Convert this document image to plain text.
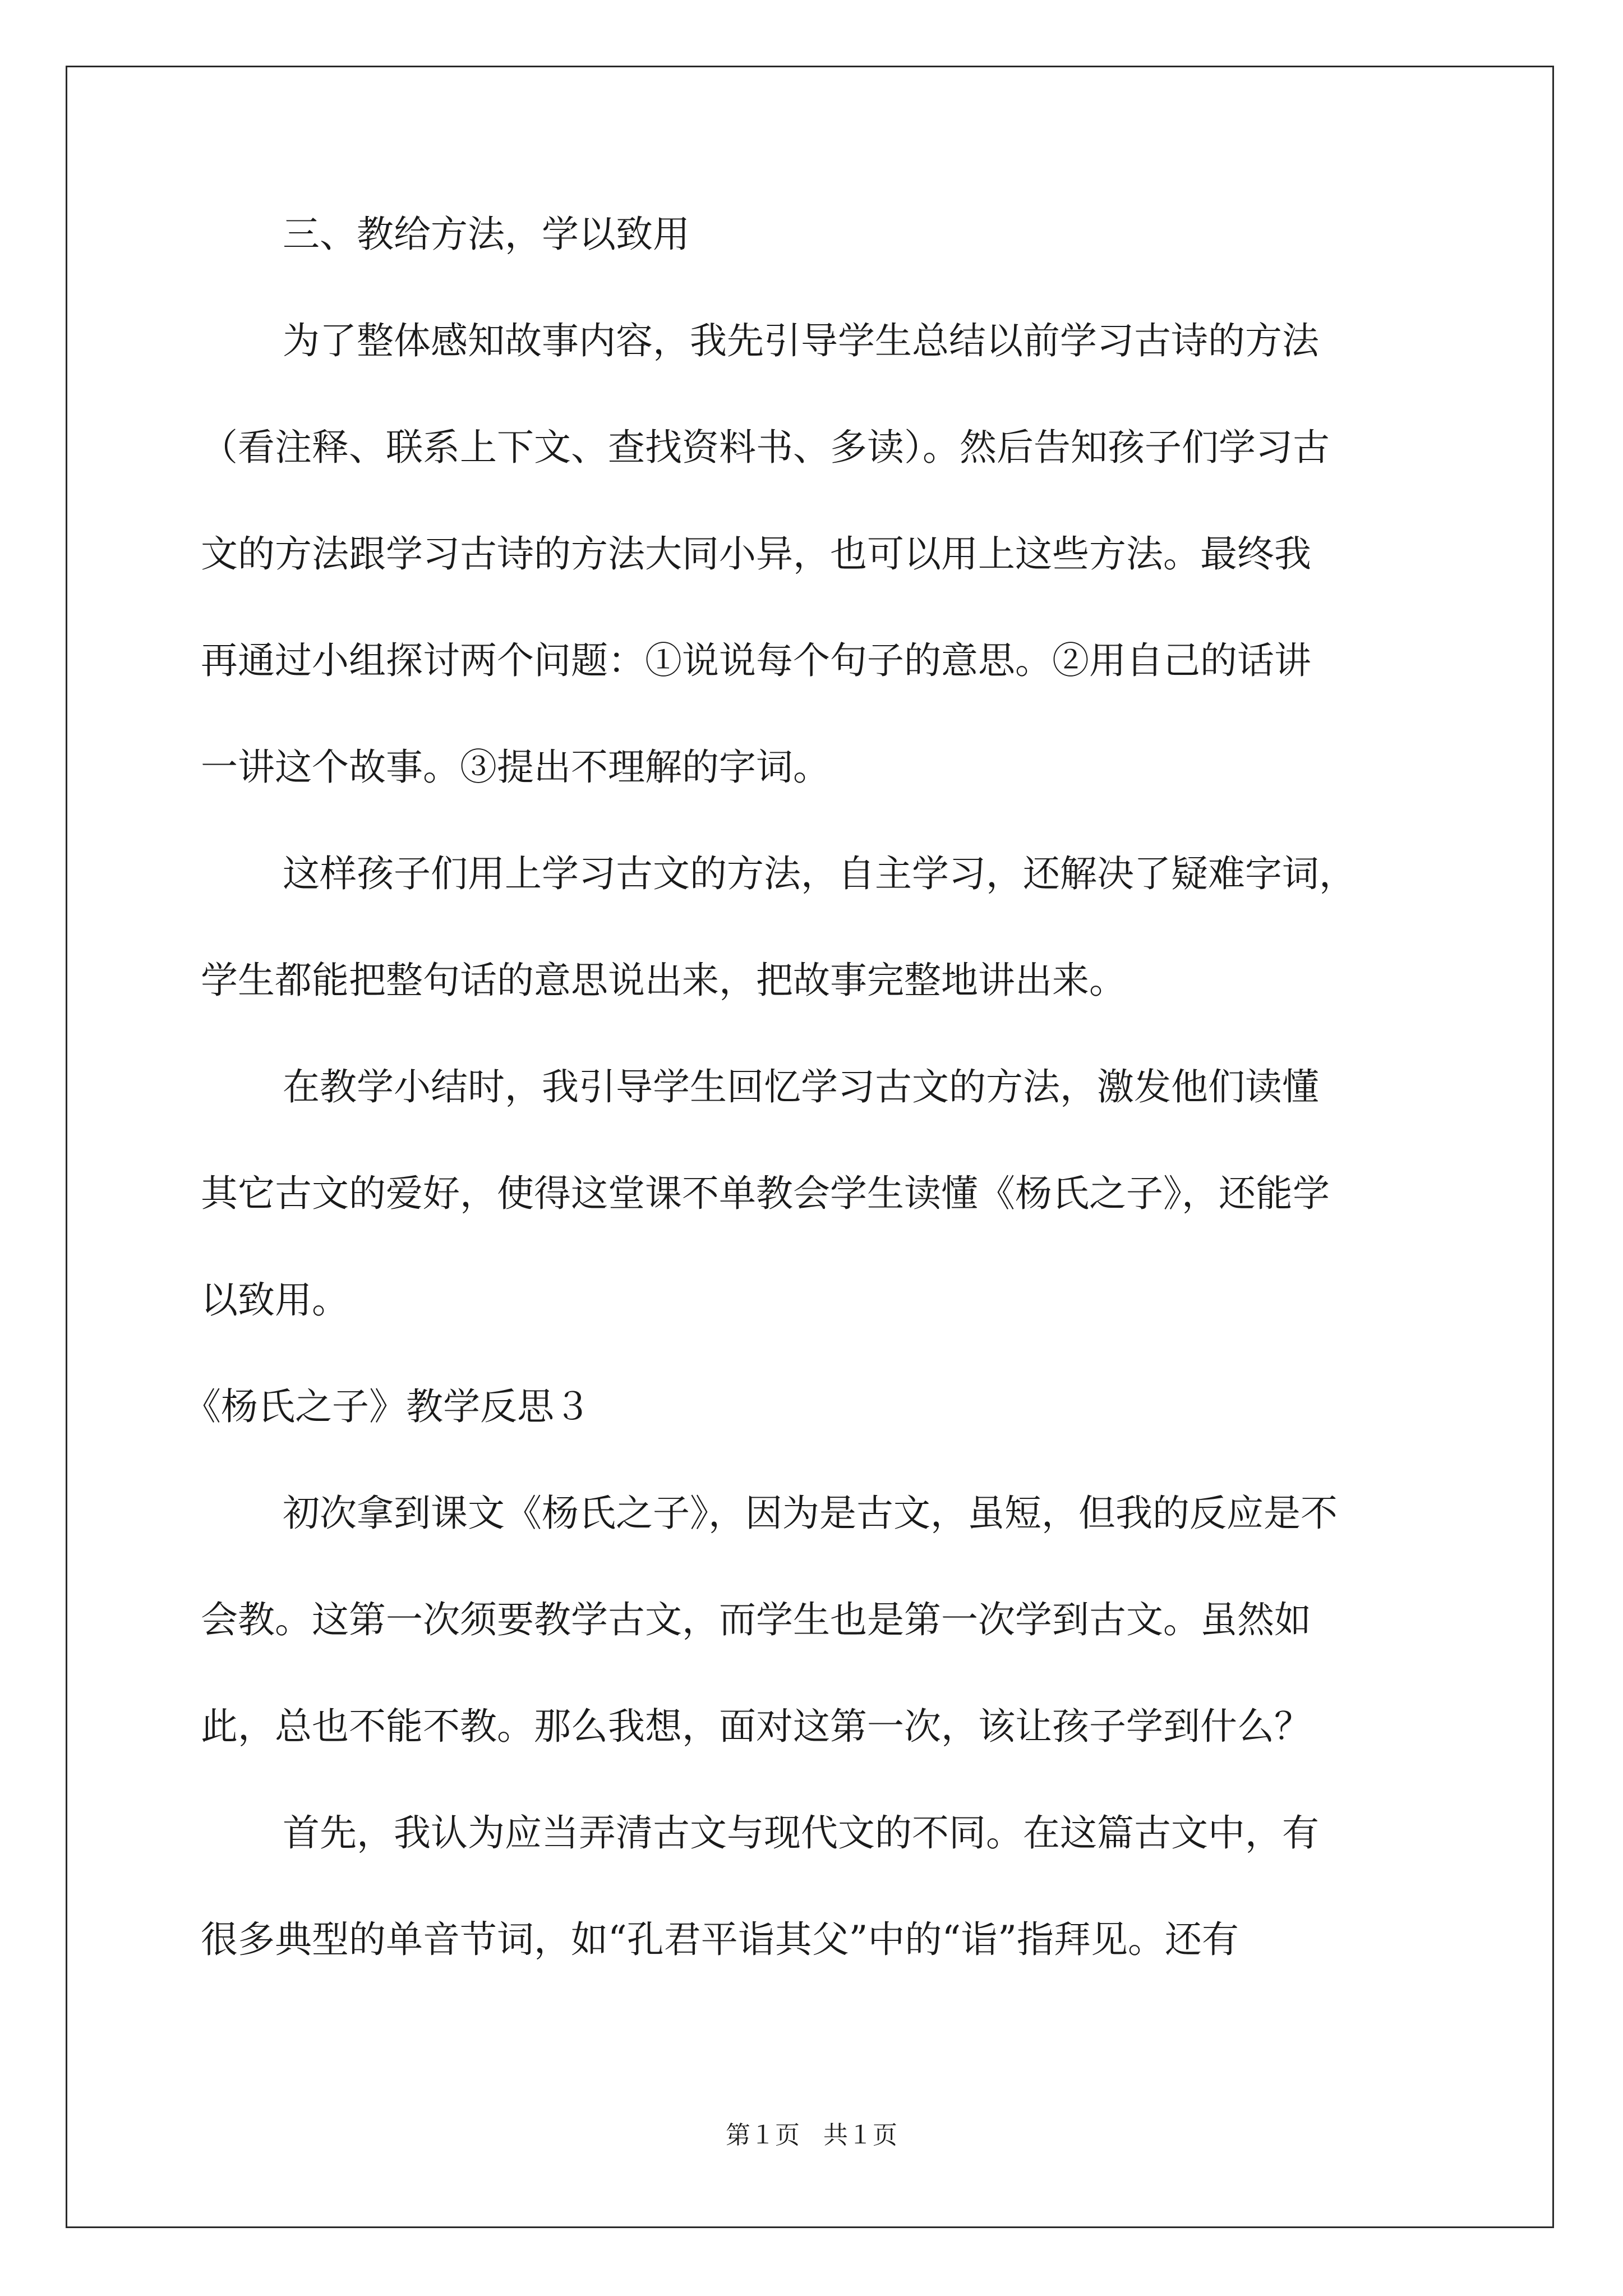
三、教给方法，学以致用

为了整体感知故事内容，我先引导学生总结以前学习古诗的方法

（看注释、联系上下文、查找资料书、多读）。然后告知孩子们学习古

文的方法跟学习古诗的方法大同小异，也可以用上这些方法。最终我

再通过小组探讨两个问题：①说说每个句子的意思。②用自己的话讲

一讲这个故事。③提出不理解的字词。

这样孩子们用上学习古文的方法，自主学习，还解决了疑难字词，

学生都能把整句话的意思说出来，把故事完整地讲出来。

在教学小结时，我引导学生回忆学习古文的方法，激发他们读懂

其它古文的爱好，使得这堂课不单教会学生读懂《杨氏之子》，还能学

以致用。

《杨氏之子》教学反思３

初次拿到课文《杨氏之子》，因为是古文，虽短，但我的反应是不

会教。这第一次须要教学古文，而学生也是第一次学到古文。虽然如

此，总也不能不教。那么我想，面对这第一次，该让孩子学到什么？

首先，我认为应当弄清古文与现代文的不同。在这篇古文中，有

很多典型的单音节词，如“孔君平诣其父”中的“诣”指拜见。还有

第１页 共１页
